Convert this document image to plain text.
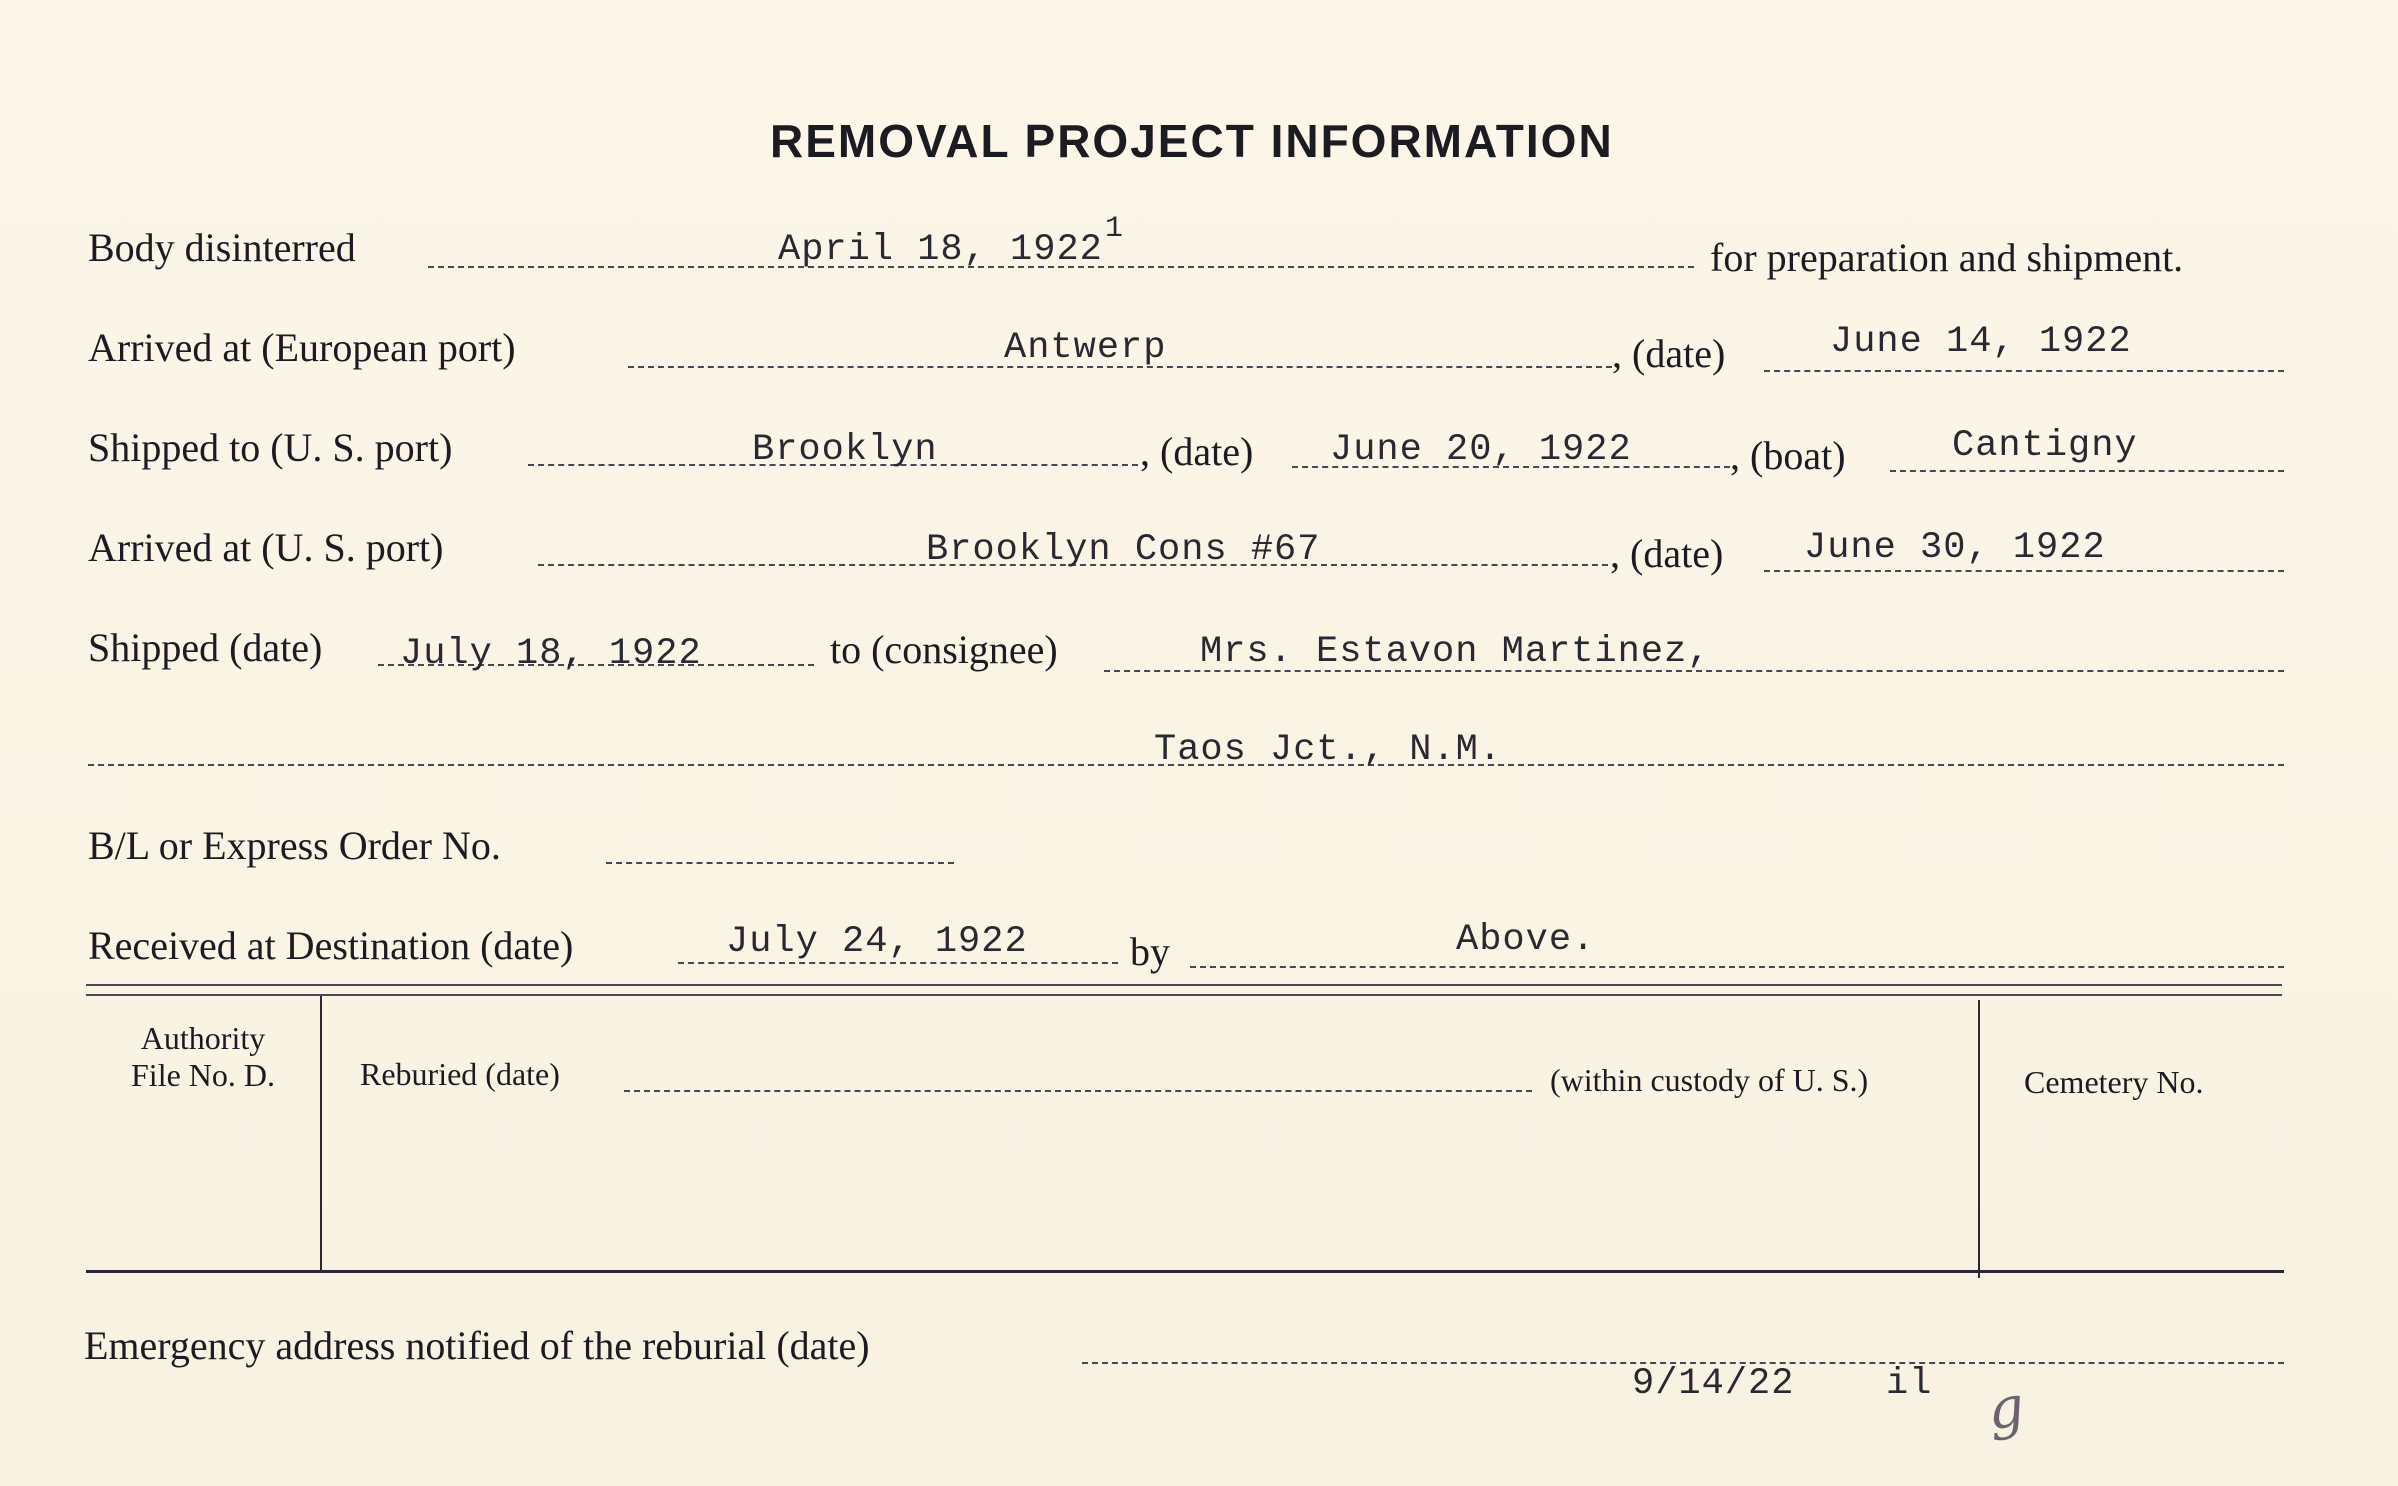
REMOVAL PROJECT INFORMATION
Body disinterred	April 18, 1922 1
for preparation and shipment.
Arrived at (European port)	Antwerp	, (date)	June 14, 1922
Shipped to (U. S. port)	Brooklyn	, (date) June 20, 1922 , (boat)	Cantigny
Arrived at (U. S. port)	Brooklyn Cons #67	, (date) June 30, 1922
Shipped (date) July 18, 1922	to (consignee)	Mrs. Estavon Martinez,
Taos Jct., N.M.
B/L or Express Order No.
Received at Destination (date)	July 24, 1922	by	Above.
Authority
File No. D.	Reburied (date)	(within custody of U. S.)	Cemetery No.
Emergency address notified of the reburial (date)
9/14/22 il g
